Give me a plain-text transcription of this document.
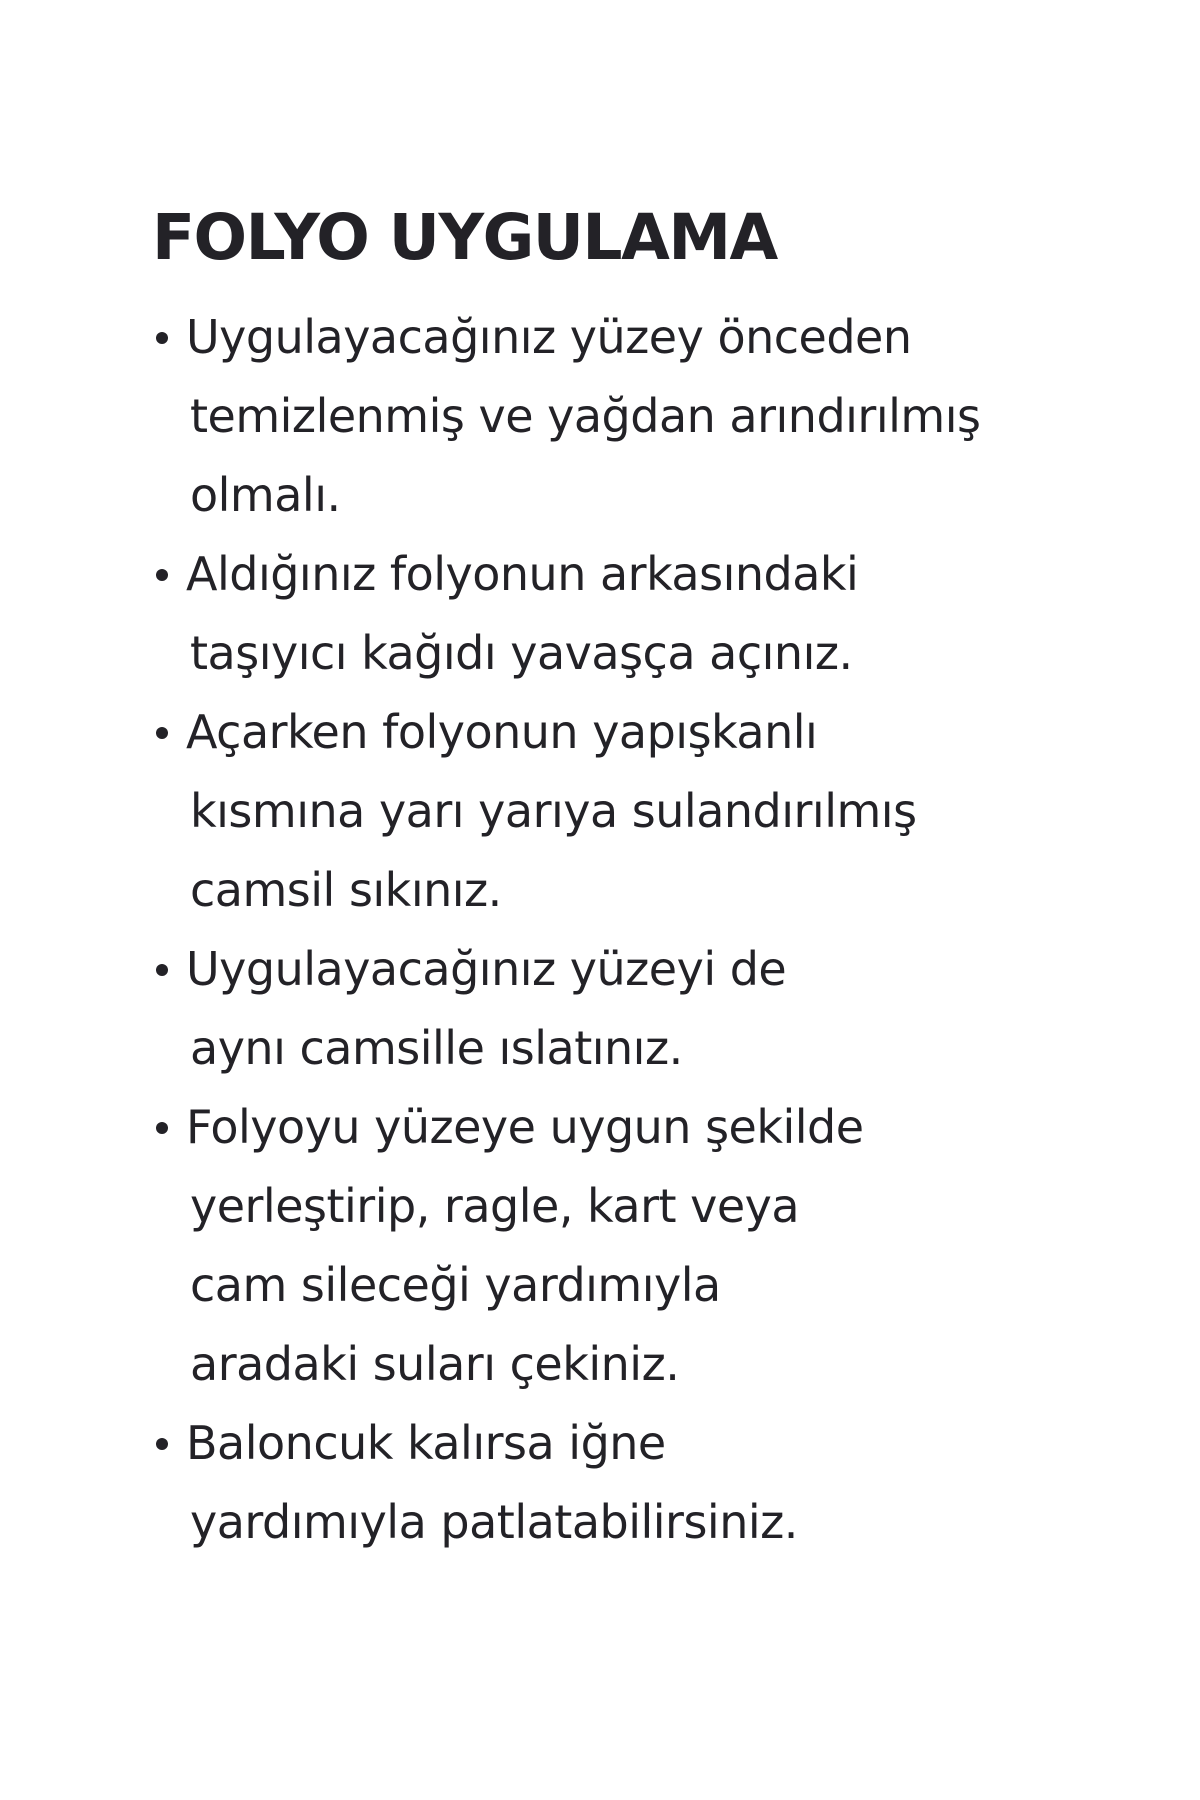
FOLYO UYGULAMA
Uygulayacağınız yüzey önceden
temizlenmiş ve yağdan arındırılmış
olmalı.
Aldığınız folyonun arkasındaki
taşıyıcı kağıdı yavaşça açınız.
Açarken folyonun yapışkanlı
kısmına yarı yarıya sulandırılmış
camsil sıkınız.
Uygulayacağınız yüzeyi de
aynı camsille ıslatınız.
Folyoyu yüzeye uygun şekilde
yerleştirip, ragle, kart veya
cam sileceği yardımıyla
aradaki suları çekiniz.
Baloncuk kalırsa iğne
yardımıyla patlatabilirsiniz.
